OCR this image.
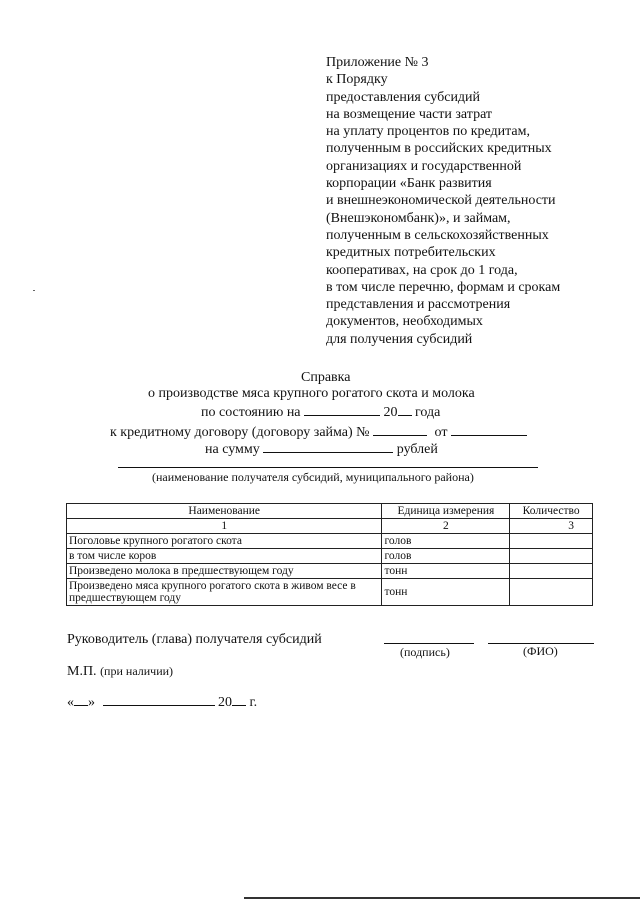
Приложение № 3
к Порядку
предоставления субсидий
на возмещение части затрат
на уплату процентов по кредитам,
полученным в российских кредитных
организациях и государственной
корпорации «Банк развития
и внешнеэкономической деятельности
(Внешэкономбанк)», и займам,
полученным в сельскохозяйственных
кредитных потребительских
кооперативах, на срок до 1 года,
в том числе перечню, формам и срокам
представления и рассмотрения
документов, необходимых
для получения субсидий
Справка
о производстве мяса крупного рогатого скота и молока
по состоянию на	20 года
к кредитному договору (договору займа) №	от
на сумму	рублей
(наименование получателя субсидий, муниципального района)
Наименование	Единица измерения	Количество
1	2	3
Поголовье крупного рогатого скота	голов	
в том числе коров	голов	
Произведено молока в предшествующем году	тонн	
Произведено мяса крупного рогатого скота в живом весе в предшествующем году	тонн	
Руководитель (глава) получателя субсидий
(подпись)	(ФИО)
М.П. (при наличии)
« »	20 г.
